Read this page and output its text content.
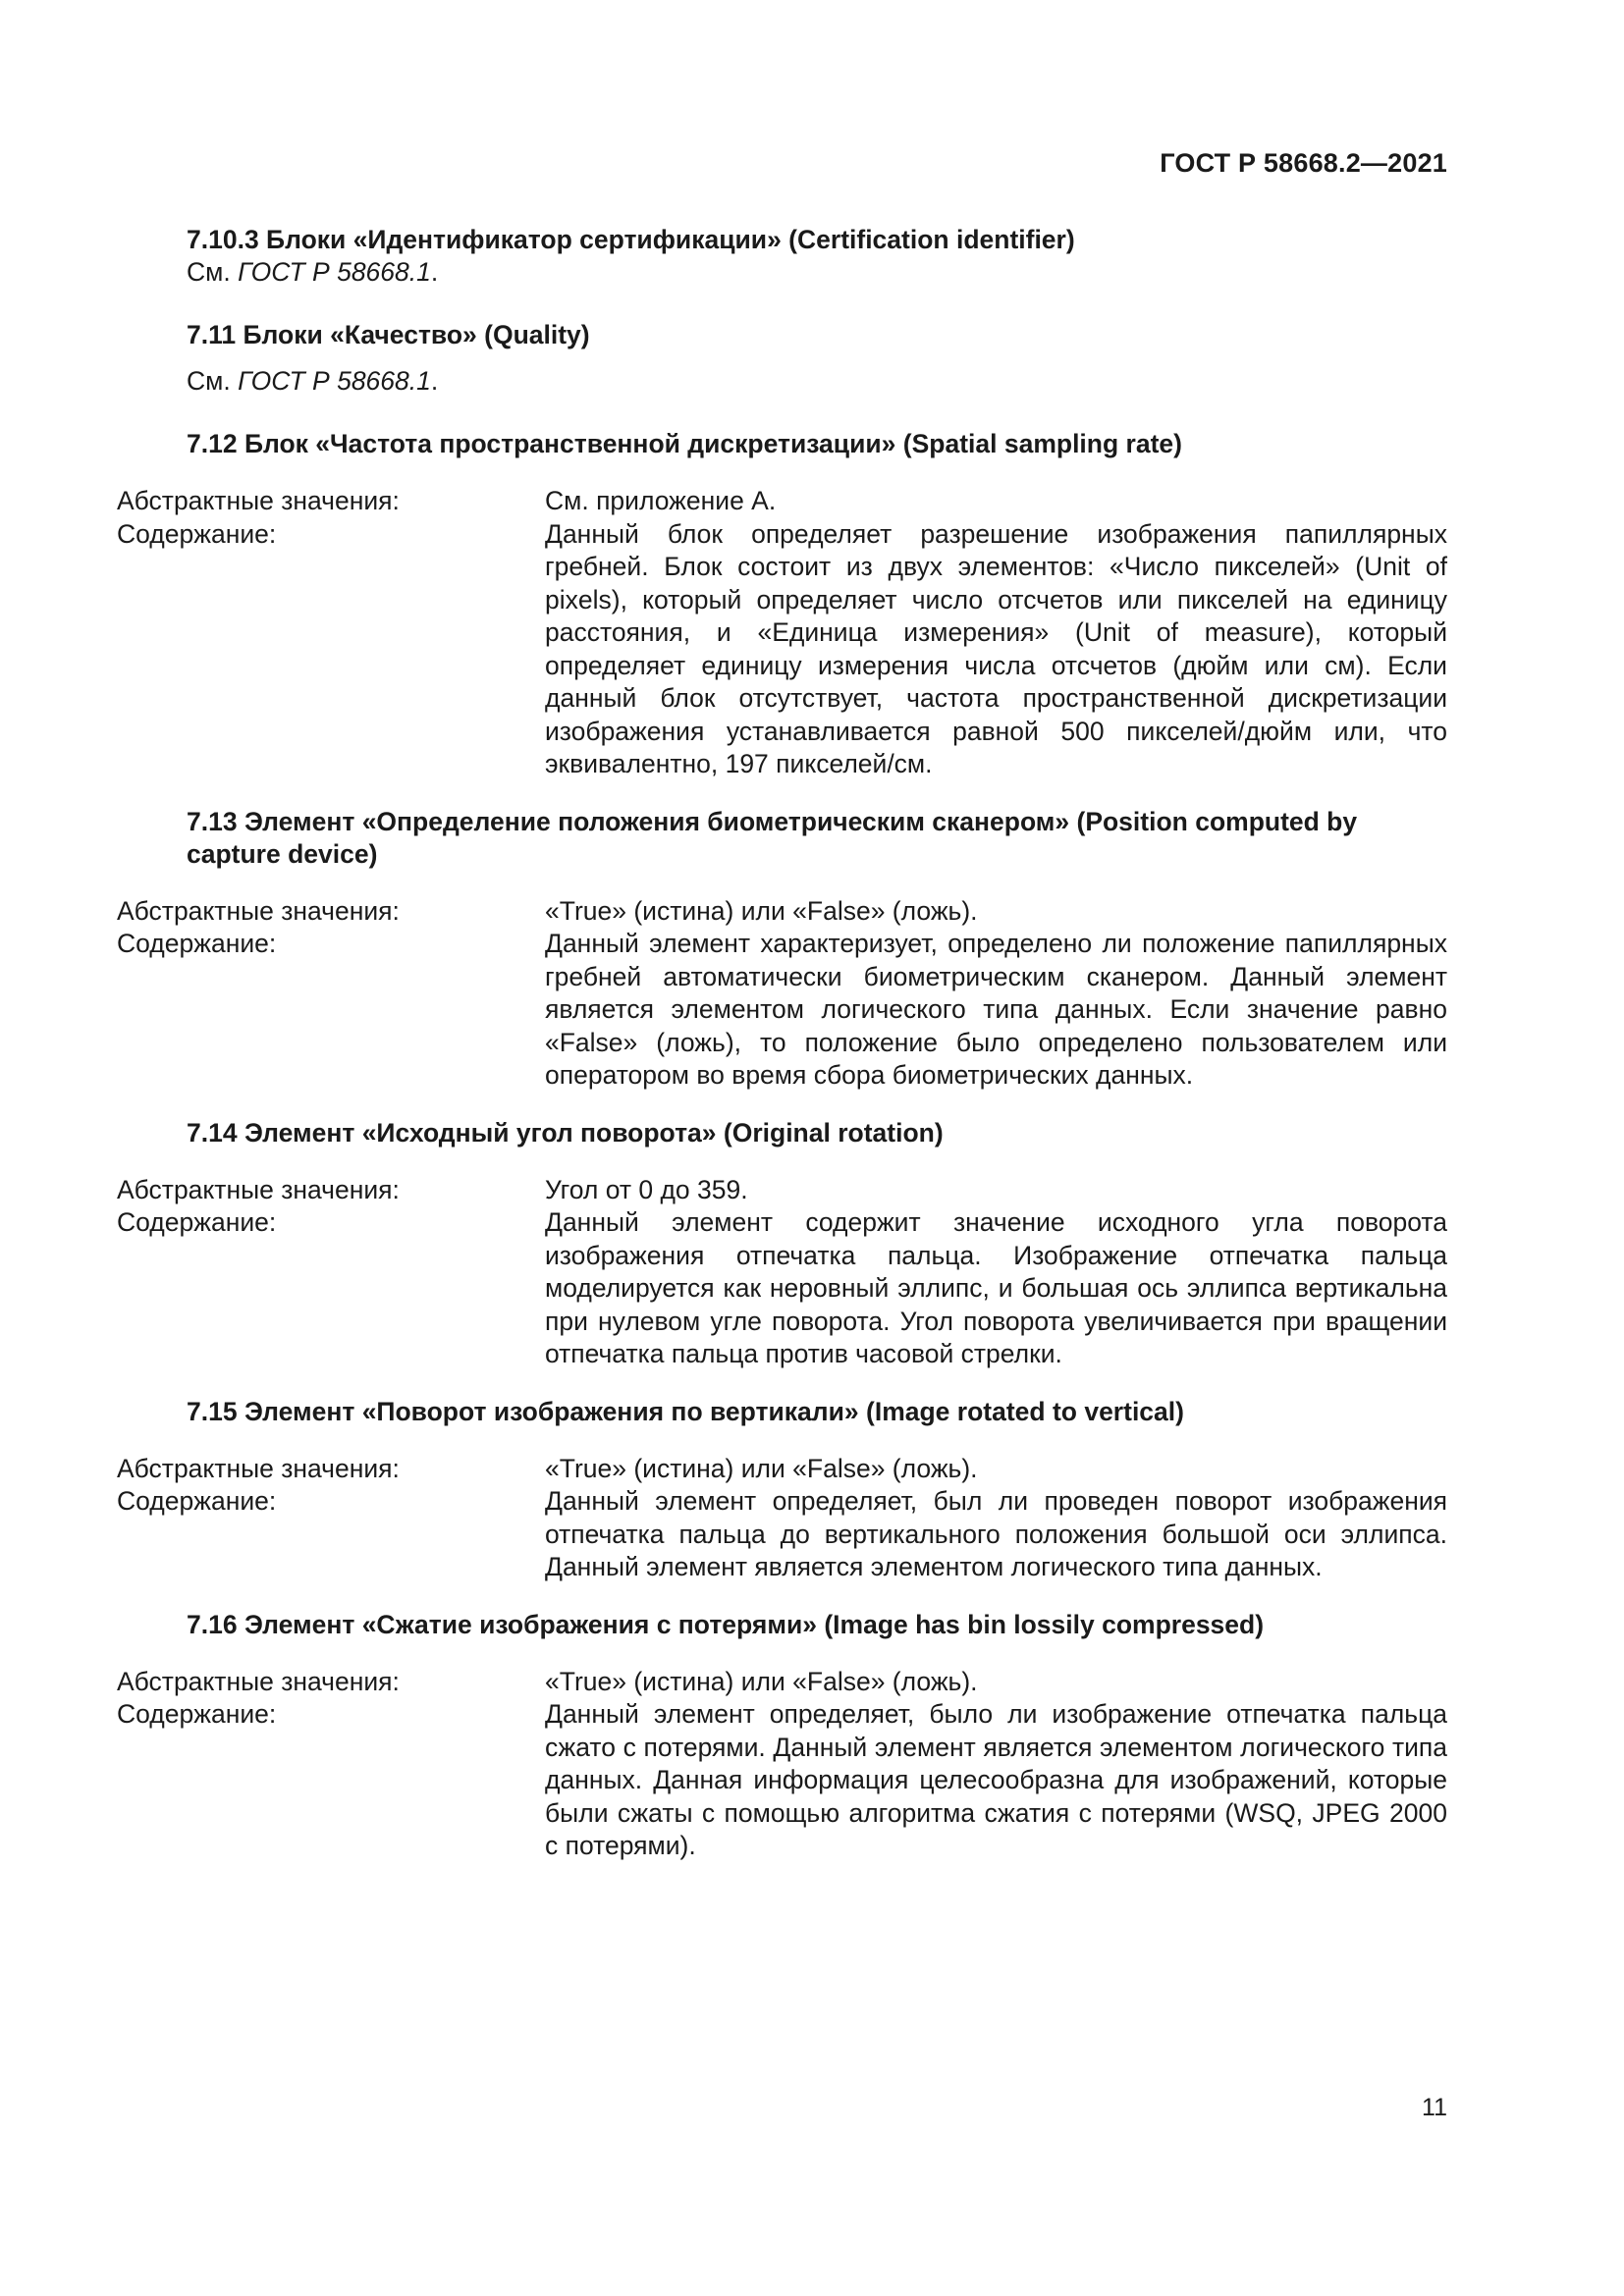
ГОСТ Р 58668.2—2021

7.10.3 Блоки «Идентификатор сертификации» (Certification identifier)

См. ГОСТ Р 58668.1.

7.11 Блоки «Качество» (Quality)

См. ГОСТ Р 58668.1.

7.12 Блок «Частота пространственной дискретизации» (Spatial sampling rate)

Абстрактные значения:	См. приложение А.
Содержание:	Данный блок определяет разрешение изображения папиллярных гребней. Блок состоит из двух элементов: «Число пикселей» (Unit of pixels), который определяет число отсчетов или пикселей на единицу расстояния, и «Единица измерения» (Unit of measure), который определяет единицу измерения числа отсчетов (дюйм или см). Если данный блок отсутствует, частота пространственной дискретизации изображения устанавливается равной 500 пикселей/дюйм или, что эквивалентно, 197 пикселей/см.

7.13 Элемент «Определение положения биометрическим сканером» (Position computed by capture device)

Абстрактные значения:	«True» (истина) или «False» (ложь).
Содержание:	Данный элемент характеризует, определено ли положение папиллярных гребней автоматически биометрическим сканером. Данный элемент является элементом логического типа данных. Если значение равно «False» (ложь), то положение было определено пользователем или оператором во время сбора биометрических данных.

7.14 Элемент «Исходный угол поворота» (Original rotation)

Абстрактные значения:	Угол от 0 до 359.
Содержание:	Данный элемент содержит значение исходного угла поворота изображения отпечатка пальца. Изображение отпечатка пальца моделируется как неровный эллипс, и большая ось эллипса вертикальна при нулевом угле поворота. Угол поворота увеличивается при вращении отпечатка пальца против часовой стрелки.

7.15 Элемент «Поворот изображения по вертикали» (Image rotated to vertical)

Абстрактные значения:	«True» (истина) или «False» (ложь).
Содержание:	Данный элемент определяет, был ли проведен поворот изображения отпечатка пальца до вертикального положения большой оси эллипса. Данный элемент является элементом логического типа данных.

7.16 Элемент «Сжатие изображения с потерями» (Image has bin lossily compressed)

Абстрактные значения:	«True» (истина) или «False» (ложь).
Содержание:	Данный элемент определяет, было ли изображение отпечатка пальца сжато с потерями. Данный элемент является элементом логического типа данных. Данная информация целесообразна для изображений, которые были сжаты с помощью алгоритма сжатия с потерями (WSQ, JPEG 2000 с потерями).
11
